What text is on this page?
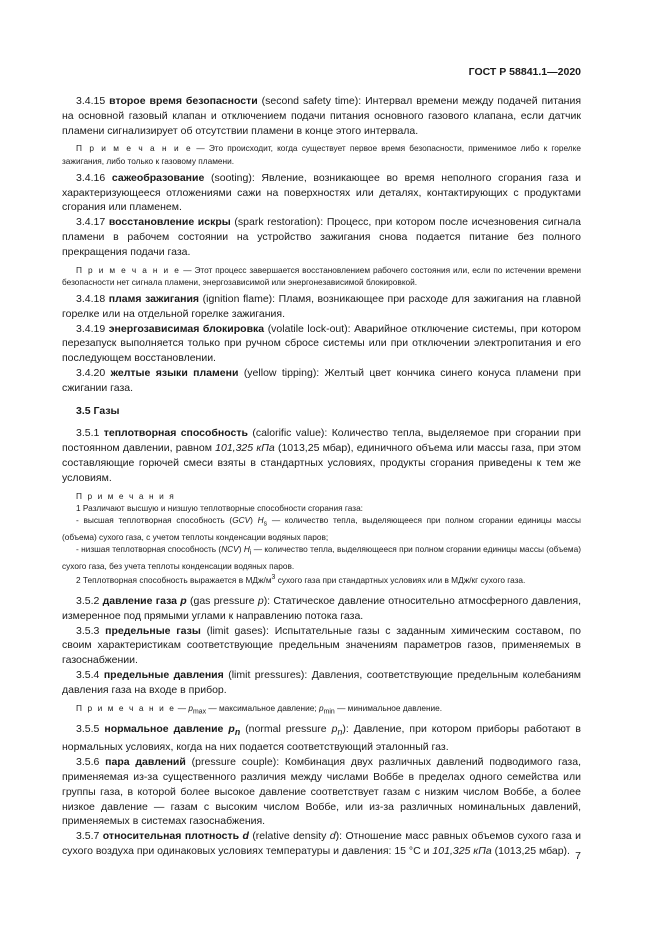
ГОСТ Р 58841.1—2020

3.4.15 второе время безопасности (second safety time): Интервал времени между подачей питания на основной газовый клапан и отключением подачи питания основного газового клапана, если датчик пламени сигнализирует об отсутствии пламени в конце этого интервала.

П р и м е ч а н и е — Это происходит, когда существует первое время безопасности, применимое либо к горелке зажигания, либо только к газовому пламени.

3.4.16 сажеобразование (sooting): Явление, возникающее во время неполного сгорания газа и характеризующееся отложениями сажи на поверхностях или деталях, контактирующих с продуктами сгорания или пламенем.

3.4.17 восстановление искры (spark restoration): Процесс, при котором после исчезновения сигнала пламени в рабочем состоянии на устройство зажигания снова подается питание без полного прекращения подачи газа.

П р и м е ч а н и е — Этот процесс завершается восстановлением рабочего состояния или, если по истечении времени безопасности нет сигнала пламени, энергозависимой или энергонезависимой блокировкой.

3.4.18 пламя зажигания (ignition flame): Пламя, возникающее при расходе для зажигания на главной горелке или на отдельной горелке зажигания.

3.4.19 энергозависимая блокировка (volatile lock-out): Аварийное отключение системы, при котором перезапуск выполняется только при ручном сбросе системы или при отключении электропитания и его последующем восстановлении.

3.4.20 желтые языки пламени (yellow tipping): Желтый цвет кончика синего конуса пламени при сжигании газа.

3.5 Газы

3.5.1 теплотворная способность (calorific value): Количество тепла, выделяемое при сгорании при постоянном давлении, равном 101,325 кПа (1013,25 мбар), единичного объема или массы газа, при этом составляющие горючей смеси взяты в стандартных условиях, продукты сгорания приведены к тем же условиям.

П р и м е ч а н и я

1 Различают высшую и низшую теплотворные способности сгорания газа:

- высшая теплотворная способность (GCV) $H_s$ — количество тепла, выделяющееся при полном сгорании единицы массы (объема) сухого газа, с учетом теплоты конденсации водяных паров;

- низшая теплотворная способность (NCV) $H_i$ — количество тепла, выделяющееся при полном сгорании единицы массы (объема) сухого газа, без учета теплоты конденсации водяных паров.

2 Теплотворная способность выражается в МДж/$м^3$ сухого газа при стандартных условиях или в МДж/кг сухого газа.

3.5.2 давление газа p (gas pressure p): Статическое давление относительно атмосферного давления, измеренное под прямыми углами к направлению потока газа.

3.5.3 предельные газы (limit gases): Испытательные газы с заданным химическим составом, по своим характеристикам соответствующие предельным значениям параметров газов, применяемых в газоснабжении.

3.5.4 предельные давления (limit pressures): Давления, соответствующие предельным колебаниям давления газа на входе в прибор.

П р и м е ч а н и е — $p_{max}$ — максимальное давление; $p_{min}$ — минимальное давление.

3.5.5 нормальное давление $p_n$ (normal pressure $p_n$): Давление, при котором приборы работают в нормальных условиях, когда на них подается соответствующий эталонный газ.

3.5.6 пара давлений (pressure couple): Комбинация двух различных давлений подводимого газа, применяемая из-за существенного различия между числами Воббе в пределах одного семейства или группы газа, в которой более высокое давление соответствует газам с низким числом Воббе, а более низкое давление — газам с высоким числом Воббе, или из-за различных номинальных давлений, применяемых в системах газоснабжения.

3.5.7 относительная плотность d (relative density d): Отношение масс равных объемов сухого газа и сухого воздуха при одинаковых условиях температуры и давления: 15 °С и 101,325 кПа (1013,25 мбар). 7
